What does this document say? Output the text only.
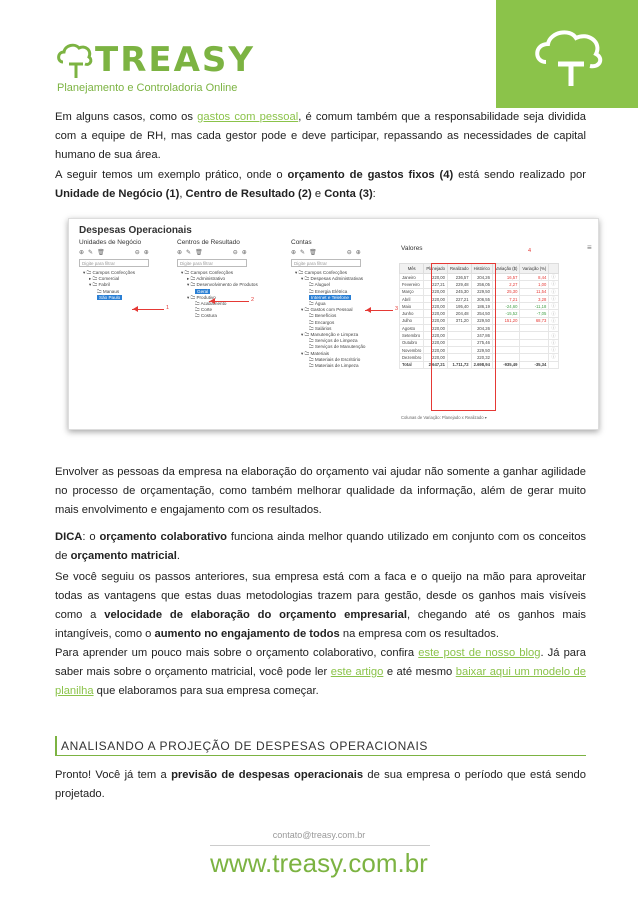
TREASY
Planejamento e Controladoria Online
Em alguns casos, como os gastos com pessoal, é comum também que a responsabilidade seja dividida com a equipe de RH, mas cada gestor pode e deve participar, repassando as necessidades de capital humano de sua área.
A seguir temos um exemplo prático, onde o orçamento de gastos fixos (4) está sendo realizado por Unidade de Negócio (1), Centro de Resultado (2) e Conta (3):
Despesas Operacionais
Unidades de Negócio
⊕ ✎ 🗑	⊖ ⊕
Digite para filtrar
▾ 🗀 Campos Confecções
▸ 🗀 Comercial
▾ 🗀 Fabril
🗀 Manaus
São Paulo
Centros de Resultado
⊕ ✎ 🗑	⊖ ⊕
Digite para filtrar
▾ 🗀 Campos Confecções
▸ 🗀 Administrativo
▾ 🗀 Desenvolvimento de Produtos
Geral
▾ 🗀 Produtivo
🗀 Acabamento
🗀 Corte
🗀 Costura
Contas
⊕ ✎ 🗑	⊖ ⊕
Digite para filtrar
▾ 🗀 Campos Confecções
▾ 🗀 Despesas Administrativas
🗀 Aluguel
🗀 Energia Elétrica
Internet e Telefone
🗀 Água
▾ 🗀 Gastos com Pessoal
🗀 Benefícios
🗀 Encargos
🗀 Salários
▾ 🗀 Manutenção e Limpeza
🗀 Serviços de Limpeza
🗀 Serviços de Manutenção
▾ 🗀 Materiais
🗀 Materiais de Escritório
🗀 Materiais de Limpeza
1
2
3
4
Valores	≡
Mês	Planejado	Realizado	Histórico	Variação ($)	Variação (%)	
Janeiro	220,00	236,57	204,26	16,57	8,44	ⓘ
Fevereiro	227,21	229,48	256,05	2,27	1,00	ⓘ
Março	220,00	245,30	229,50	25,30	11,54	ⓘ
Abril	220,00	227,21	206,55	7,21	3,28	ⓘ
Maio	220,00	195,40	186,19	-24,60	-11,18	ⓘ
Junho	220,00	204,48	254,50	-15,52	-7,05	ⓘ
Julho	220,00	371,20	229,50	151,20	68,73	ⓘ
Agosto	220,00		204,26			ⓘ
Setembro	220,00		247,86			ⓘ
Outubro	220,00		275,46			ⓘ
Novembro	220,00		229,50			ⓘ
Dezembro	220,00		220,32			ⓘ
Total	2.647,21	1.711,72	2.698,94	-935,49	-35,34	
Colunas de Variação: Planejado x Realizado ▾
Envolver as pessoas da empresa na elaboração do orçamento vai ajudar não somente a ganhar agilidade no processo de orçamentação, como também melhorar qualidade da informação, além de gerar muito mais envolvimento e engajamento com os resultados.
DICA: o orçamento colaborativo funciona ainda melhor quando utilizado em conjunto com os conceitos de orçamento matricial.
Se você seguiu os passos anteriores, sua empresa está com a faca e o queijo na mão para aproveitar todas as vantagens que estas duas metodologias trazem para gestão, desde os ganhos mais visíveis como a velocidade de elaboração do orçamento empresarial, chegando até os ganhos mais intangíveis, como o aumento no engajamento de todos na empresa com os resultados.
Para aprender um pouco mais sobre o orçamento colaborativo, confira este post de nosso blog. Já para saber mais sobre o orçamento matricial, você pode ler este artigo e até mesmo baixar aqui um modelo de planilha que elaboramos para sua empresa começar.
ANALISANDO A PROJEÇÃO DE DESPESAS OPERACIONAIS
Pronto! Você já tem a previsão de despesas operacionais de sua empresa o período que está sendo projetado.
contato@treasy.com.br
www.treasy.com.br
